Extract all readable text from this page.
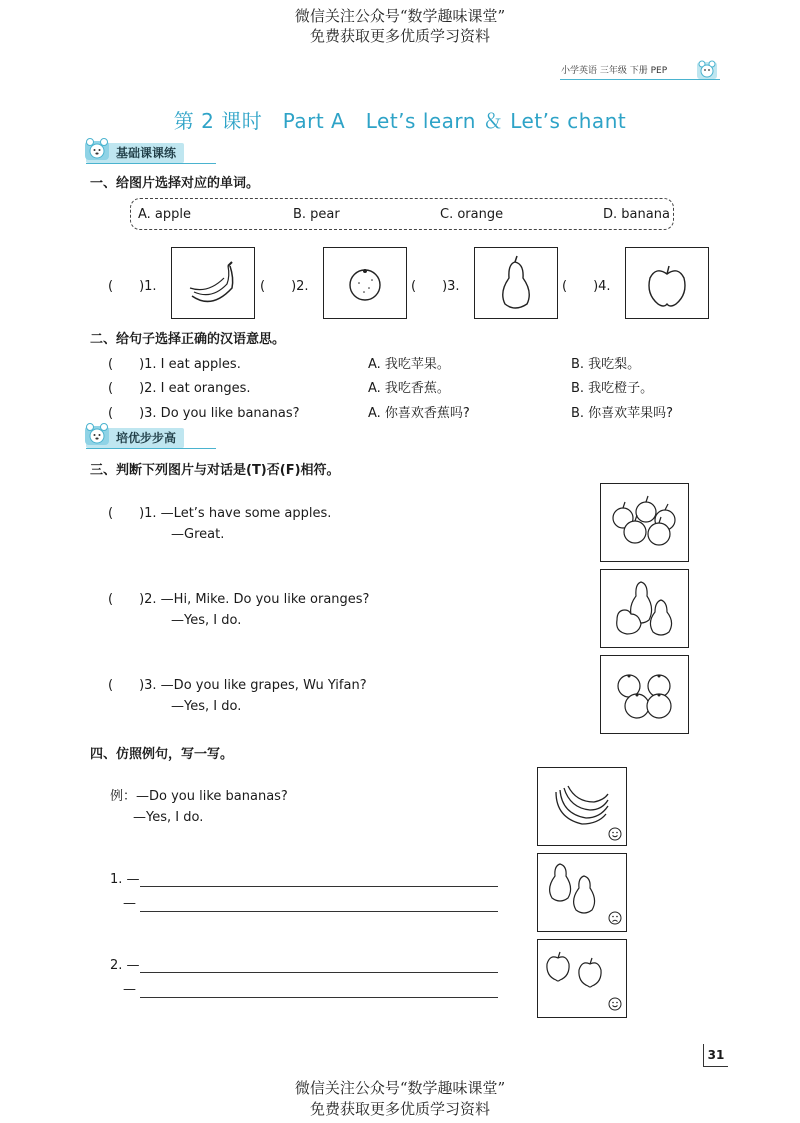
微信关注公众号“数学趣味课堂”
免费获取更多优质学习资料
小学英语 三年级 下册 PEP
第 2 课时　Part A　Let’s learn ＆ Let’s chant
基础课课练
一、给图片选择对应的单词。
A. apple	B. pear	C. orange	D. banana
(　　)1.	(　　)2.	(　　)3.	(　　)4.
二、给句子选择正确的汉语意思。
(　　)1. I eat apples.	A. 我吃苹果。	B. 我吃梨。
(　　)2. I eat oranges.	A. 我吃香蕉。	B. 我吃橙子。
(　　)3. Do you like bananas?	A. 你喜欢香蕉吗?	B. 你喜欢苹果吗?
培优步步高
三、判断下列图片与对话是(T)否(F)相符。
(　　)1. —Let’s have some apples.
—Great.
(　　)2. —Hi, Mike. Do you like oranges?
—Yes, I do.
(　　)3. —Do you like grapes, Wu Yifan?
—Yes, I do.
四、仿照例句，写一写。
例：—Do you like bananas?
—Yes, I do.
1. —
—
2. —
—
31
微信关注公众号“数学趣味课堂”
免费获取更多优质学习资料
